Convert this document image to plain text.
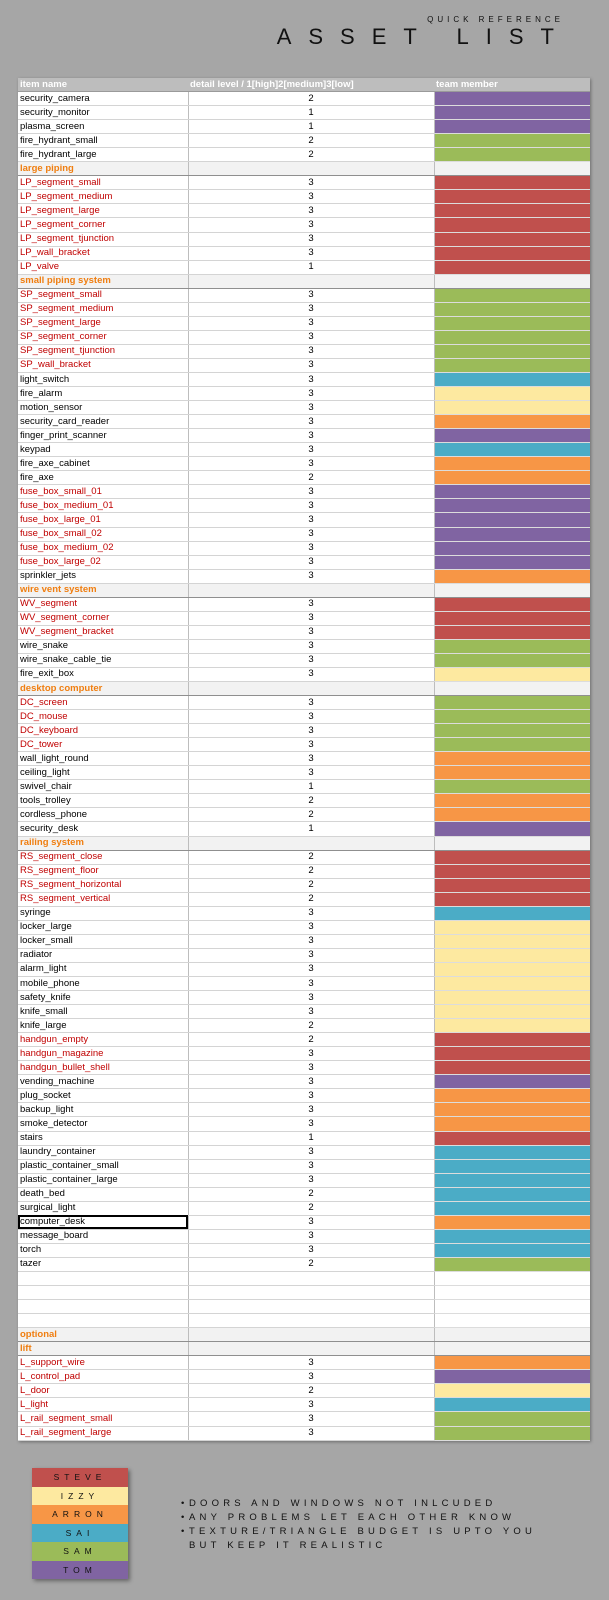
QUICK REFERENCE
ASSET LIST
item name	detail level / 1[high]2[medium]3[low]	team member
security_camera	2	
security_monitor	1	
plasma_screen	1	
fire_hydrant_small	2	
fire_hydrant_large	2	
large piping		
LP_segment_small	3	
LP_segment_medium	3	
LP_segment_large	3	
LP_segment_corner	3	
LP_segment_tjunction	3	
LP_wall_bracket	3	
LP_valve	1	
small piping system		
SP_segment_small	3	
SP_segment_medium	3	
SP_segment_large	3	
SP_segment_corner	3	
SP_segment_tjunction	3	
SP_wall_bracket	3	
light_switch	3	
fire_alarm	3	
motion_sensor	3	
security_card_reader	3	
finger_print_scanner	3	
keypad	3	
fire_axe_cabinet	3	
fire_axe	2	
fuse_box_small_01	3	
fuse_box_medium_01	3	
fuse_box_large_01	3	
fuse_box_small_02	3	
fuse_box_medium_02	3	
fuse_box_large_02	3	
sprinkler_jets	3	
wire vent system		
WV_segment	3	
WV_segment_corner	3	
WV_segment_bracket	3	
wire_snake	3	
wire_snake_cable_tie	3	
fire_exit_box	3	
desktop computer		
DC_screen	3	
DC_mouse	3	
DC_keyboard	3	
DC_tower	3	
wall_light_round	3	
ceiling_light	3	
swivel_chair	1	
tools_trolley	2	
cordless_phone	2	
security_desk	1	
railing system		
RS_segment_close	2	
RS_segment_floor	2	
RS_segment_horizontal	2	
RS_segment_vertical	2	
syringe	3	
locker_large	3	
locker_small	3	
radiator	3	
alarm_light	3	
mobile_phone	3	
safety_knife	3	
knife_small	3	
knife_large	2	
handgun_empty	2	
handgun_magazine	3	
handgun_bullet_shell	3	
vending_machine	3	
plug_socket	3	
backup_light	3	
smoke_detector	3	
stairs	1	
laundry_container	3	
plastic_container_small	3	
plastic_container_large	3	
death_bed	2	
surgical_light	2	
computer_desk	3	
message_board	3	
torch	3	
tazer	2	

optional		
lift		
L_support_wire	3	
L_control_pad	3	
L_door	2	
L_light	3	
L_rail_segment_small	3	
L_rail_segment_large	3	
STEVE
IZZY
ARRON
SAI
SAM
TOM
•DOORS AND WINDOWS NOT INLCUDED
•ANY PROBLEMS LET EACH OTHER KNOW
•TEXTURE/TRIANGLE BUDGET IS UPTO YOU
BUT KEEP IT REALISTIC
